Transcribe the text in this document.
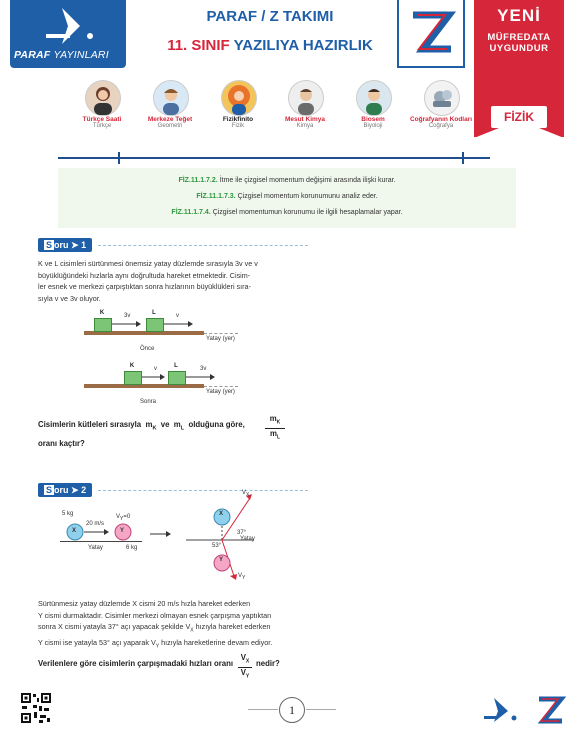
PARAF YAYINLARI
PARAF / Z TAKIMI
11. SINIF YAZILIYA HAZIRLIK
YENİ
MÜFREDATA
UYGUNDUR
FİZİK
Türkçe Saati
Türkçe
Merkeze Teğet
Geometri
Fizikfinito
Fizik
Mesut Kimya
Kimya
Biosem
Biyoloji
Coğrafyanın Kodları
Coğrafya
FİZ.11.1.7.2. İtme ile çizgisel momentum değişimi arasında ilişki kurar.
FİZ.11.1.7.3. Çizgisel momentum korunumunu analiz eder.
FİZ.11.1.7.4. Çizgisel momentumun korunumu ile ilgili hesaplamalar yapar.
S oru ➤ 1
K ve L cisimleri sürtünmesi önemsiz yatay düzlemde sırasıyla 3v ve v
büyüklüğündeki hızlarla aynı doğrultuda hareket etmektedir. Cisim-
ler esnek ve merkezi çarpıştıktan sonra hızlarının büyüklükleri sıra-
sıyla v ve 3v oluyor.
K	3v	L	v
Yatay (yer)
Önce
K	v	L	3v
Yatay (yer)
Sonra
Cisimlerin kütleleri sırasıyla $m_K$ ve $m_L$ olduğuna göre,
$m_K$
$m_L$
oranı kaçtır?
S oru ➤ 2
5 kg
20 m/s
X
$V_Y=0$
Y
Yatay	6 kg
X
Y
37°
53°
Yatay
$V_X$
$V_Y$
Sürtünmesiz yatay düzlemde X cismi 20 m/s hızla hareket ederken
Y cismi durmaktadır. Cisimler merkezi olmayan esnek çarpışma yaptıktan
sonra X cismi yatayla 37° açı yapacak şekilde $V_X$ hızıyla hareket ederken
Y cismi ise yatayla 53° açı yaparak $V_Y$ hızıyla hareketlerine devam ediyor.
Verilenlere göre cisimlerin çarpışmadaki hızları oranı
$V_X$
$V_Y$
nedir?
1
